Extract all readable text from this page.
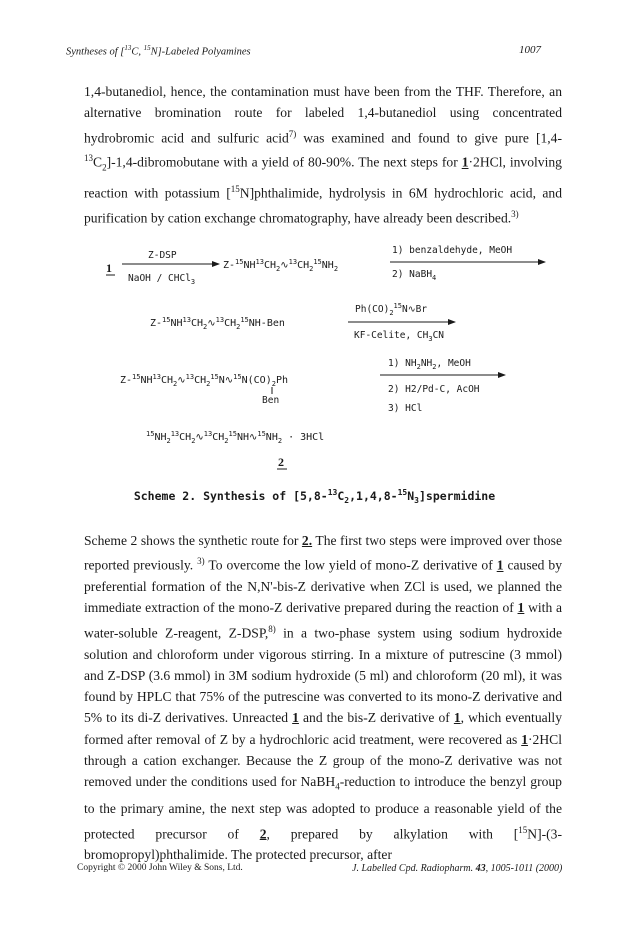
Syntheses of [$^{13}$C, $^{15}$N]-Labeled Polyamines	1007
1,4-butanediol, hence, the contamination must have been from the THF. Therefore, an alternative bromination route for labeled 1,4-butanediol using concentrated hydrobromic acid and sulfuric acid$^{7)}$ was examined and found to give pure $[1,4-^{13}C_2]-1,4$-dibromobutane with a yield of 80-90%. The next steps for 1·2HCl, involving reaction with potassium [$^{15}$N]phthalimide, hydrolysis in 6M hydrochloric acid, and purification by cation exchange chromatography, have already been described.$^{3)}$
1
Z-DSP
NaOH / CHCl$_3$
$Z-^{15}NH^{13}CH_2∿^{13}CH_2^{15}NH_2$
1) benzaldehyde, MeOH
2) NaBH$_4$
$Z-^{15}NH^{13}CH_2∿^{13}CH_2^{15}NH$-Ben
$Ph(CO)_2^{15}N∿Br$
KF-Celite, $CH_3CN$
1) $NH_2NH_2$, MeOH
$Z-^{15}NH^{13}CH_2∿^{13}CH_2^{15}N∿^{15}N(CO)_2Ph$
Ben
2) H2/Pd-C, AcOH
3) HCl
$^{15}NH_2^{13}CH_2∿^{13}CH_2^{15}NH∿^{15}NH_2 \cdot 3HCl$
2
Scheme 2. Synthesis of $[5,8-^{13}C_2,1,4,8-^{15}N_3]spermidine$
Scheme 2 shows the synthetic route for 2. The first two steps were improved over those reported previously. $^{3)}$ To overcome the low yield of mono-Z derivative of 1 caused by preferential formation of the N,N'-bis-Z derivative when ZCl is used, we planned the immediate extraction of the mono-Z derivative prepared during the reaction of 1 with a water-soluble Z-reagent, Z-DSP,$^{8)}$ in a two-phase system using sodium hydroxide solution and chloroform under vigorous stirring. In a mixture of putrescine (3 mmol) and Z-DSP (3.6 mmol) in 3M sodium hydroxide (5 ml) and chloroform (20 ml), it was found by HPLC that 75% of the putrescine was converted to its mono-Z derivative and 5% to its di-Z derivatives. Unreacted 1 and the bis-Z derivative of 1, which eventually formed after removal of Z by a hydrochloric acid treatment, were recovered as 1·2HCl through a cation exchanger. Because the Z group of the mono-Z derivative was not removed under the conditions used for NaBH$_4$-reduction to introduce the benzyl group to the primary amine, the next step was adopted to produce a reasonable yield of the protected precursor of 2, prepared by alkylation with [$^{15}$N]-(3-bromopropyl)phthalimide. The protected precursor, after
Copyright © 2000 John Wiley & Sons, Ltd.	J. Labelled Cpd. Radiopharm. 43, 1005-1011 (2000)
